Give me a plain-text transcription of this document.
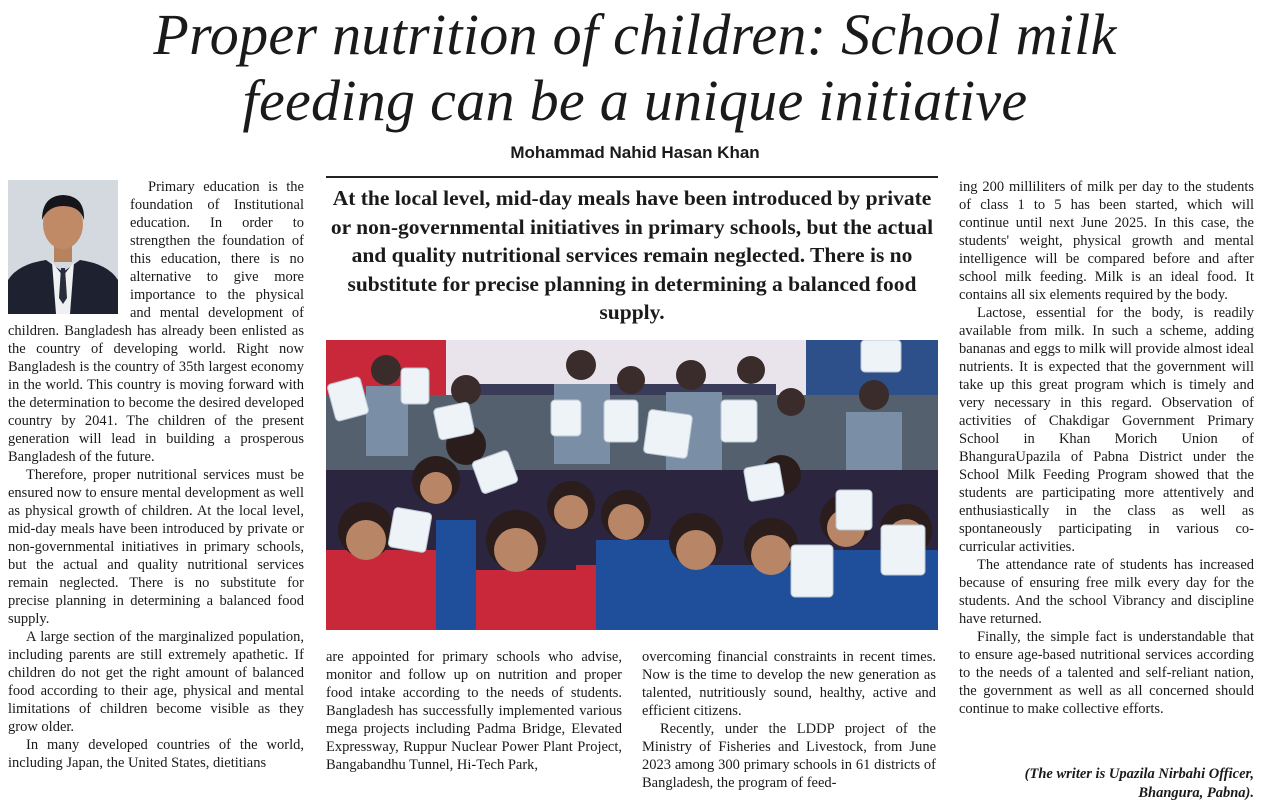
Proper nutrition of children: School milk
feeding can be a unique initiative
Mohammad Nahid Hasan Khan

Primary education is the foundation of Institutional education. In order to strengthen the foundation of this education, there is no alternative to give more importance to the physical and mental development of children. Bangladesh has already been enlisted as the country of developing world. Right now Bangladesh is the country of 35th largest economy in the world. This country is moving forward with the determination to become the desired developed country by 2041. The children of the present generation will lead in building a prosperous Bangladesh of the future.

Therefore, proper nutritional services must be ensured now to ensure mental development as well as physical growth of children. At the local level, mid-day meals have been introduced by private or non-governmental initiatives in primary schools, but the actual and quality nutritional services remain neglected. There is no substitute for precise planning in determining a balanced food supply.

A large section of the marginalized population, including parents are still extremely apathetic. If children do not get the right amount of balanced food according to their age, physical and mental limitations of children become visible as they grow older.

In many developed countries of the world, including Japan, the United States, dietitians

At the local level, mid-day meals have been introduced by private or non-governmental initiatives in primary schools, but the actual and quality nutritional services remain neglected. There is no substitute for precise planning in determining a balanced food supply.

are appointed for primary schools who advise, monitor and follow up on nutrition and proper food intake according to the needs of students. Bangladesh has successfully implemented various mega projects including Padma Bridge, Elevated Expressway, Ruppur Nuclear Power Plant Project, Bangabandhu Tunnel, Hi-Tech Park,

overcoming financial constraints in recent times. Now is the time to develop the new generation as talented, nutritiously sound, healthy, active and efficient citizens.

Recently, under the LDDP project of the Ministry of Fisheries and Livestock, from June 2023 among 300 primary schools in 61 districts of Bangladesh, the program of feed-

ing 200 milliliters of milk per day to the students of class 1 to 5 has been started, which will continue until next June 2025. In this case, the students' weight, physical growth and mental intelligence will be compared before and after school milk feeding. Milk is an ideal food. It contains all six elements required by the body.

Lactose, essential for the body, is readily available from milk. In such a scheme, adding bananas and eggs to milk will provide almost ideal nutrients. It is expected that the government will take up this great program which is timely and very necessary in this regard. Observation of activities of Chakdigar Government Primary School in Khan Morich Union of BhanguraUpazila of Pabna District under the School Milk Feeding Program showed that the students are participating more attentively and enthusiastically in the class as well as spontaneously participating in various co-curricular activities.

The attendance rate of students has increased because of ensuring free milk every day for the students. And the school Vibrancy and discipline have returned.

Finally, the simple fact is understandable that to ensure age-based nutritional services according to the needs of a talented and self-reliant nation, the government as well as all concerned should continue to make collective efforts.

(The writer is Upazila Nirbahi Officer,
Bhangura, Pabna).
